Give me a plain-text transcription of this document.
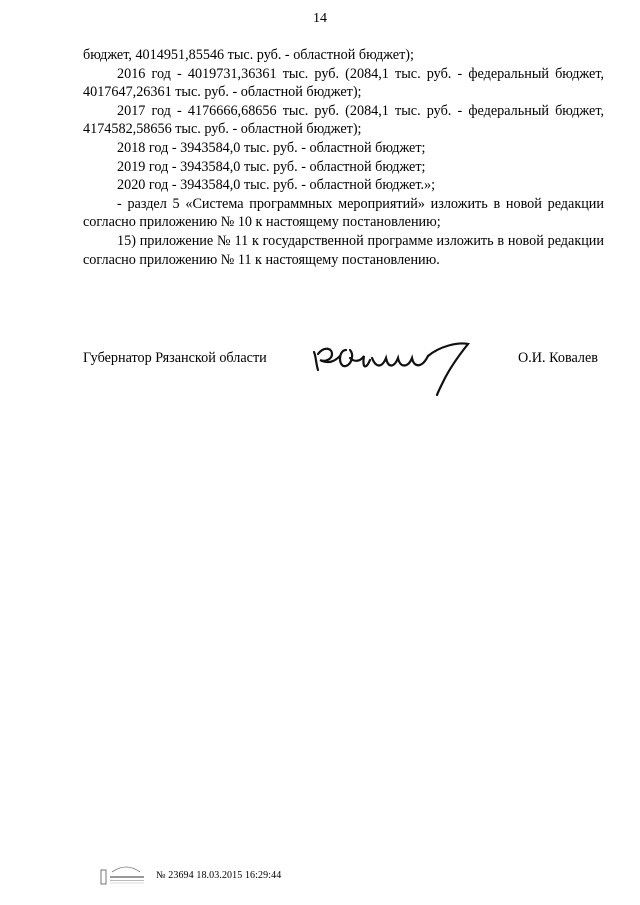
14

бюджет, 4014951,85546 тыс. руб. - областной бюджет);

2016 год - 4019731,36361 тыс. руб. (2084,1 тыс. руб. - федеральный бюджет, 4017647,26361 тыс. руб. - областной бюджет);

2017 год - 4176666,68656 тыс. руб. (2084,1 тыс. руб. - федеральный бюджет, 4174582,58656 тыс. руб. - областной бюджет);

2018 год - 3943584,0 тыс. руб. - областной бюджет;

2019 год - 3943584,0 тыс. руб. - областной бюджет;

2020 год - 3943584,0 тыс. руб. - областной бюджет.»;

- раздел 5 «Система программных мероприятий» изложить в новой редакции согласно приложению № 10 к настоящему постановлению;

15) приложение № 11 к государственной программе изложить в новой редакции согласно приложению № 11 к настоящему постановлению.

Губернатор Рязанской области	О.И. Ковалев
№ 23694 18.03.2015 16:29:44
